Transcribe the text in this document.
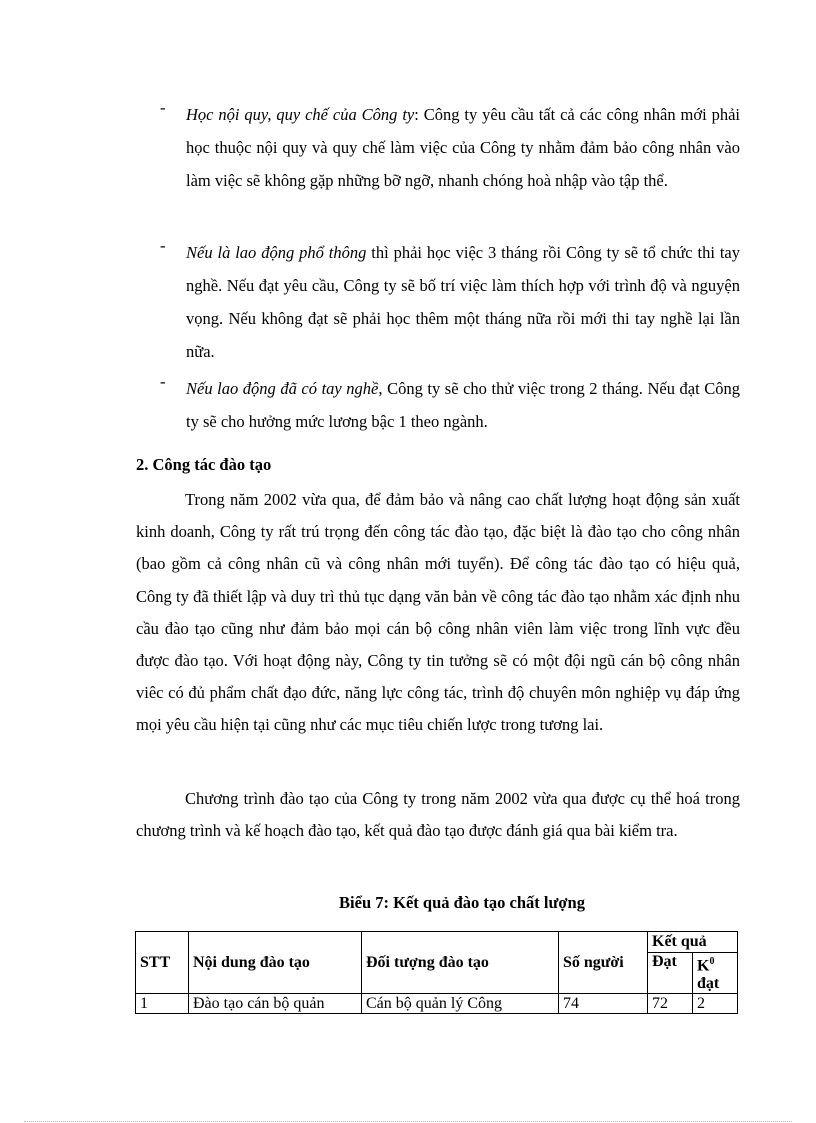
- Học nội quy, quy chế của Công ty: Công ty yêu cầu tất cả các công nhân mới phải học thuộc nội quy và quy chế làm việc của Công ty nhằm đảm bảo công nhân vào làm việc sẽ không gặp những bỡ ngỡ, nhanh chóng hoà nhập vào tập thể.
- Nếu là lao động phổ thông thì phải học việc 3 tháng rồi Công ty sẽ tổ chức thi tay nghề. Nếu đạt yêu cầu, Công ty sẽ bố trí việc làm thích hợp với trình độ và nguyện vọng. Nếu không đạt sẽ phải học thêm một tháng nữa rồi mới thi tay nghề lại lần nữa.
- Nếu lao động đã có tay nghề, Công ty sẽ cho thử việc trong 2 tháng. Nếu đạt Công ty sẽ cho hưởng mức lương bậc 1 theo ngành.
2. Công tác đào tạo
Trong năm 2002 vừa qua, để đảm bảo và nâng cao chất lượng hoạt động sản xuất kinh doanh, Công ty rất trú trọng đến công tác đào tạo, đặc biệt là đào tạo cho công nhân (bao gồm cả công nhân cũ và công nhân mới tuyển). Để công tác đào tạo có hiệu quả, Công ty đã thiết lập và duy trì thủ tục dạng văn bản về công tác đào tạo nhằm xác định nhu cầu đào tạo cũng như đảm bảo mọi cán bộ công nhân viên làm việc trong lĩnh vực đều được đào tạo. Với hoạt động này, Công ty tin tưởng sẽ có một đội ngũ cán bộ công nhân viêc có đủ phẩm chất đạo đức, năng lực công tác, trình độ chuyên môn nghiệp vụ đáp ứng mọi yêu cầu hiện tại cũng như các mục tiêu chiến lược trong tương lai.
Chương trình đào tạo của Công ty trong năm 2002 vừa qua được cụ thể hoá trong chương trình và kế hoạch đào tạo, kết quả đào tạo được đánh giá qua bài kiểm tra.
Biểu 7: Kết quả đào tạo chất lượng
STT	Nội dung đào tạo	Đối tượng đào tạo	Số người	Kết quả	
				Đạt	$K^0$
đạt
1	Đào tạo cán bộ quản	Cán bộ quản lý Công	74	72	2
